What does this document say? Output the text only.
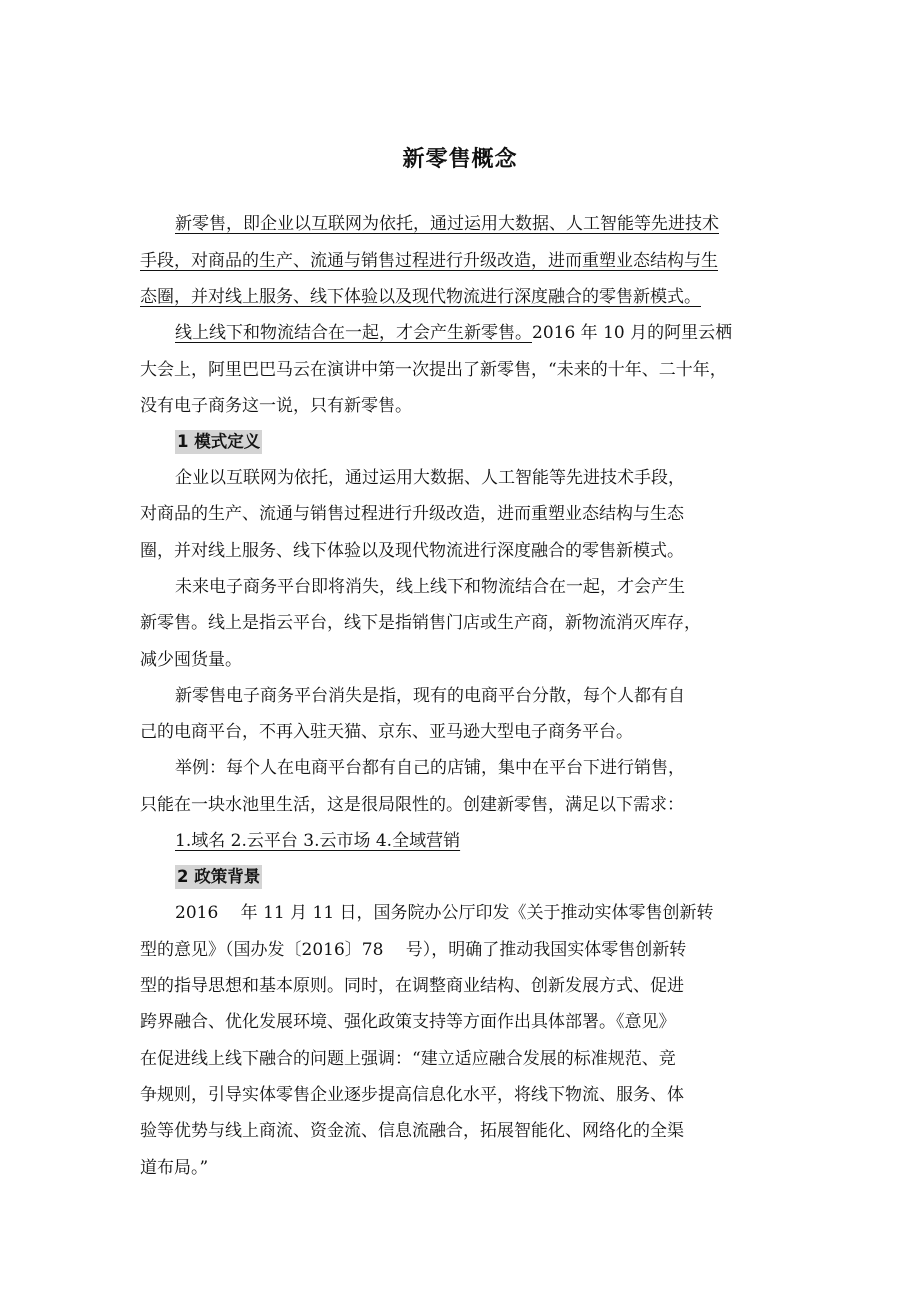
新零售概念
新零售，即企业以互联网为依托，通过运用大数据、人工智能等先进技术
手段，对商品的生产、流通与销售过程进行升级改造，进而重塑业态结构与生
态圈，并对线上服务、线下体验以及现代物流进行深度融合的零售新模式。
线上线下和物流结合在一起，才会产生新零售。2016 年 10 月的阿里云栖
大会上，阿里巴巴马云在演讲中第一次提出了新零售，“未来的十年、二十年，
没有电子商务这一说，只有新零售。
1 模式定义
企业以互联网为依托，通过运用大数据、人工智能等先进技术手段，
对商品的生产、流通与销售过程进行升级改造，进而重塑业态结构与生态
圈，并对线上服务、线下体验以及现代物流进行深度融合的零售新模式。
未来电子商务平台即将消失，线上线下和物流结合在一起，才会产生
新零售。线上是指云平台，线下是指销售门店或生产商，新物流消灭库存，
减少囤货量。
新零售电子商务平台消失是指，现有的电商平台分散，每个人都有自
己的电商平台，不再入驻天猫、京东、亚马逊大型电子商务平台。
举例：每个人在电商平台都有自己的店铺，集中在平台下进行销售，
只能在一块水池里生活，这是很局限性的。创建新零售，满足以下需求：
1.域名 2.云平台 3.云市场 4.全域营销
2 政策背景
2016　 年 11 月 11 日，国务院办公厅印发《关于推动实体零售创新转
型的意见》（国办发〔2016〕78　 号），明确了推动我国实体零售创新转
型的指导思想和基本原则。同时，在调整商业结构、创新发展方式、促进
跨界融合、优化发展环境、强化政策支持等方面作出具体部署。《意见》
在促进线上线下融合的问题上强调：“建立适应融合发展的标准规范、竞
争规则，引导实体零售企业逐步提高信息化水平，将线下物流、服务、体
验等优势与线上商流、资金流、信息流融合，拓展智能化、网络化的全渠
道布局。”
